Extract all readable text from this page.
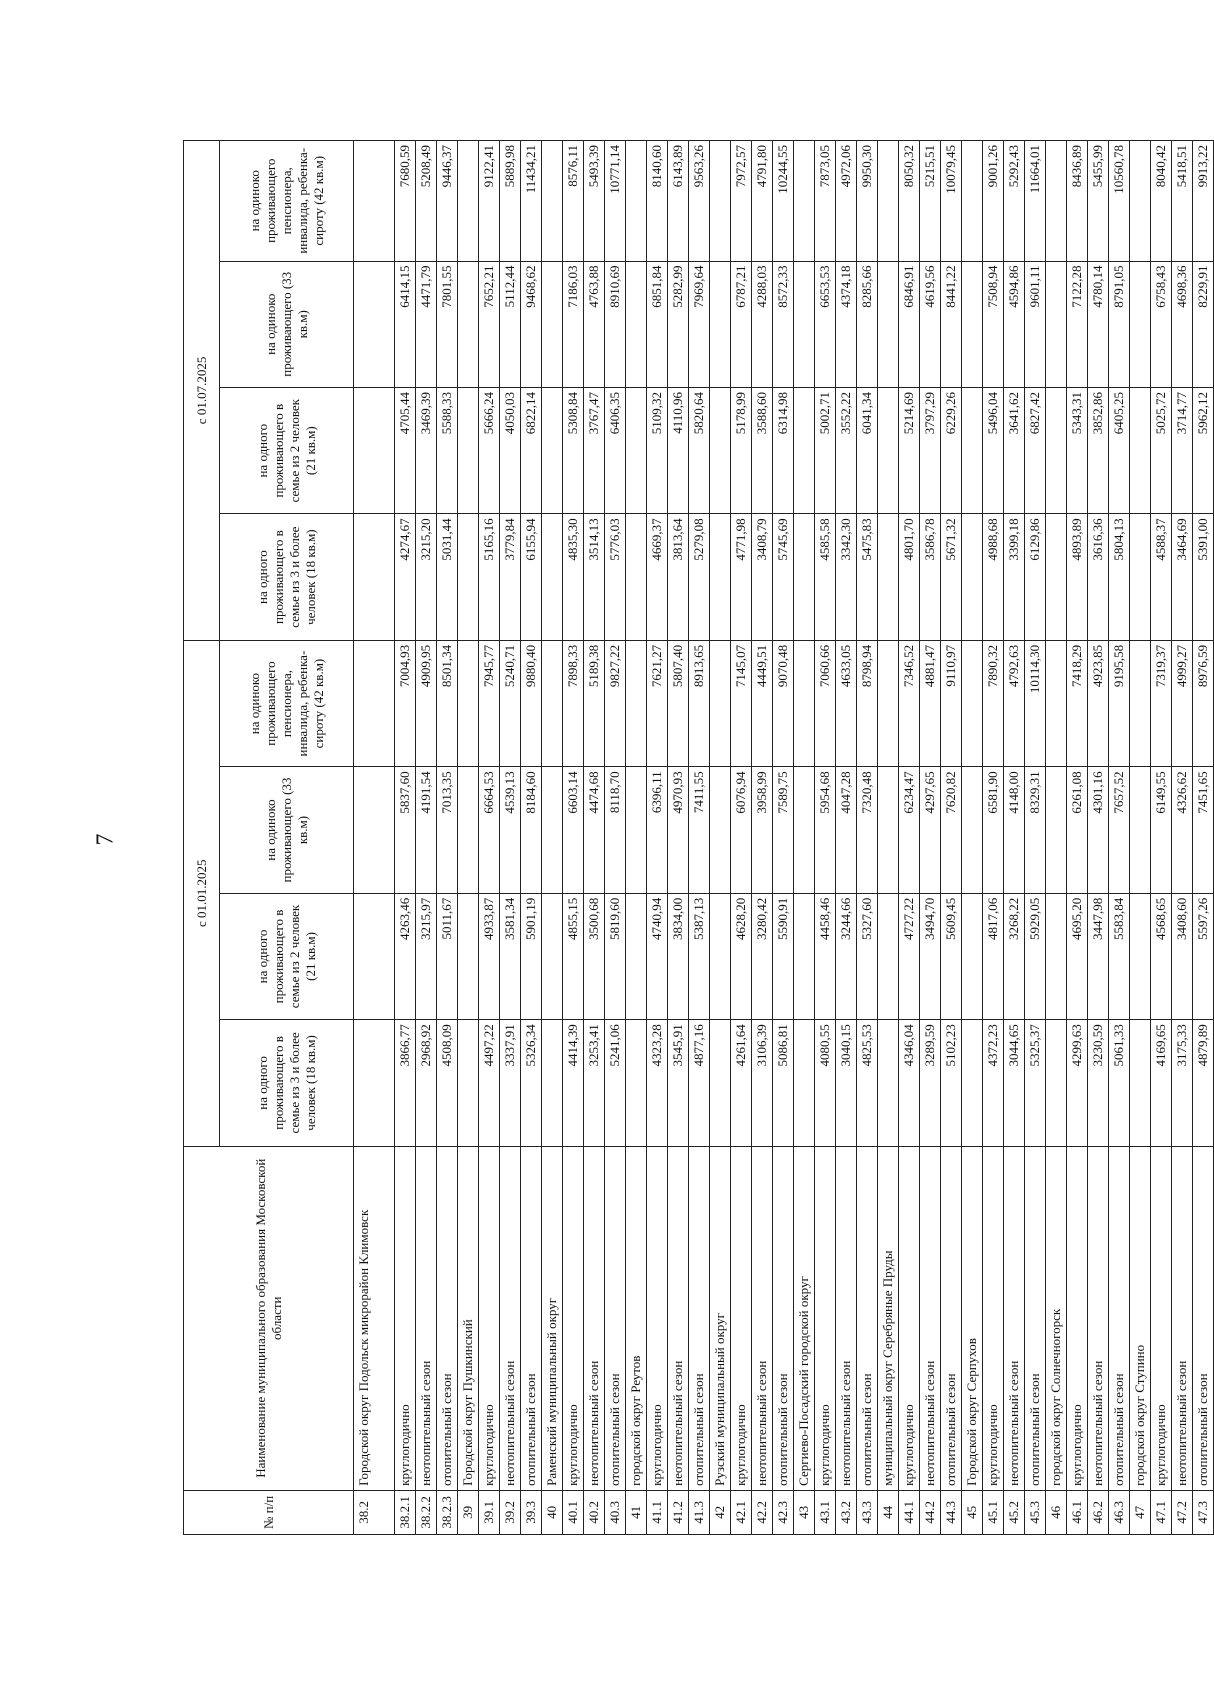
7
№ п/п	Наименование муниципального образования Московской области	с 01.01.2025				с 01.07.2025			
		на одного проживающего в семье из 3 и более человек (18 кв.м)	на одного проживающего в семье из 2 человек (21 кв.м)	на одиноко проживающего (33 кв.м)	на одиноко проживающего пенсионера, инвалида, ребенка-сироту (42 кв.м)	на одного проживающего в семье из 3 и более человек (18 кв.м)	на одного проживающего в семье из 2 человек (21 кв.м)	на одиноко проживающего (33 кв.м)	на одиноко проживающего пенсионера, инвалида, ребенка-сироту (42 кв.м)
38.2	Городской округ Подольск микрорайон Климовск								
38.2.1	круглогодично	3866,77	4263,46	5837,60	7004,93	4274,67	4705,44	6414,15	7680,59
38.2.2	неотопительный сезон	2968,92	3215,97	4191,54	4909,95	3215,20	3469,39	4471,79	5208,49
38.2.3	отопительный сезон	4508,09	5011,67	7013,35	8501,34	5031,44	5588,33	7801,55	9446,37
39	Городской округ Пушкинский								
39.1	круглогодично	4497,22	4933,87	6664,53	7945,77	5165,16	5666,24	7652,21	9122,41
39.2	неотопительный сезон	3337,91	3581,34	4539,13	5240,71	3779,84	4050,03	5112,44	5889,98
39.3	отопительный сезон	5326,34	5901,19	8184,60	9880,40	6155,94	6822,14	9468,62	11434,21
40	Раменский муниципальный округ								
40.1	круглогодично	4414,39	4855,15	6603,14	7898,33	4835,30	5308,84	7186,03	8576,11
40.2	неотопительный сезон	3253,41	3500,68	4474,68	5189,38	3514,13	3767,47	4763,88	5493,39
40.3	отопительный сезон	5241,06	5819,60	8118,70	9827,22	5776,03	6406,35	8910,69	10771,14
41	городской округ Реутов								
41.1	круглогодично	4323,28	4740,94	6396,11	7621,27	4669,37	5109,32	6851,84	8140,60
41.2	неотопительный сезон	3545,91	3834,00	4970,93	5807,40	3813,64	4110,96	5282,99	6143,89
41.3	отопительный сезон	4877,16	5387,13	7411,55	8913,65	5279,08	5820,64	7969,64	9563,26
42	Рузский муниципальный округ								
42.1	круглогодично	4261,64	4628,20	6076,94	7145,07	4771,98	5178,99	6787,21	7972,57
42.2	неотопительный сезон	3106,39	3280,42	3958,99	4449,51	3408,79	3588,60	4288,03	4791,80
42.3	отопительный сезон	5086,81	5590,91	7589,75	9070,48	5745,69	6314,98	8572,33	10244,55
43	Сергиево-Посадский городской округ								
43.1	круглогодично	4080,55	4458,46	5954,68	7060,66	4585,58	5002,71	6653,53	7873,05
43.2	неотопительный сезон	3040,15	3244,66	4047,28	4633,05	3342,30	3552,22	4374,18	4972,06
43.3	отопительный сезон	4825,53	5327,60	7320,48	8798,94	5475,83	6041,34	8285,66	9950,30
44	муниципальный округ Серебряные Пруды								
44.1	круглогодично	4346,04	4727,22	6234,47	7346,52	4801,70	5214,69	6846,91	8050,32
44.2	неотопительный сезон	3289,59	3494,70	4297,65	4881,47	3586,78	3797,29	4619,56	5215,51
44.3	отопительный сезон	5102,23	5609,45	7620,82	9110,97	5671,32	6229,26	8441,22	10079,45
45	Городской округ Серпухов								
45.1	круглогодично	4372,23	4817,06	6581,90	7890,32	4988,68	5496,04	7508,94	9001,26
45.2	неотопительный сезон	3044,65	3268,22	4148,00	4792,63	3399,18	3641,62	4594,86	5292,43
45.3	отопительный сезон	5325,37	5929,05	8329,31	10114,30	6129,86	6827,42	9601,11	11664,01
46	городской округ Солнечногорск								
46.1	круглогодично	4299,63	4695,20	6261,08	7418,29	4893,89	5343,31	7122,28	8436,89
46.2	неотопительный сезон	3230,59	3447,98	4301,16	4923,85	3616,36	3852,86	4780,14	5455,99
46.3	отопительный сезон	5061,33	5583,84	7657,52	9195,58	5804,13	6405,25	8791,05	10560,78
47	городской округ Ступино								
47.1	круглогодично	4169,65	4568,65	6149,55	7319,37	4588,37	5025,72	6758,43	8040,42
47.2	неотопительный сезон	3175,33	3408,60	4326,62	4999,27	3464,69	3714,77	4698,36	5418,51
47.3	отопительный сезон	4879,89	5597,26	7451,65	8976,59	5391,00	5962,12	8229,91	9913,22
